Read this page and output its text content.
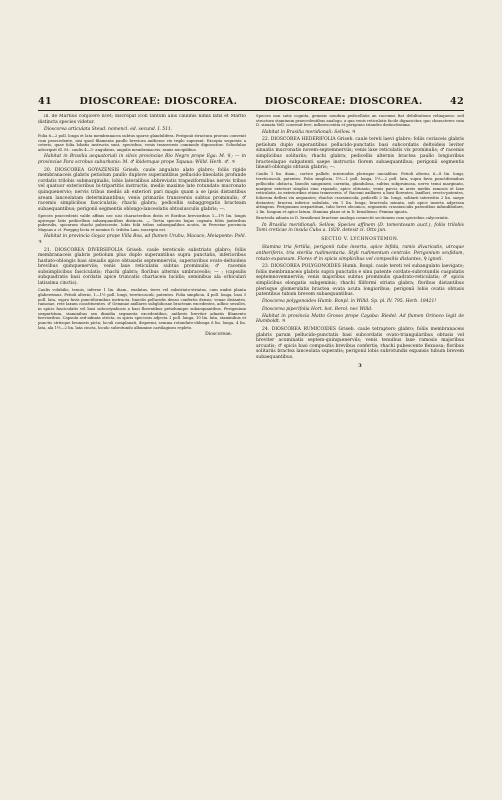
41	DIOSCOREAE: DIOSCOREA.	DIOSCOREAE: DIOSCOREA.	42

ill. de Martius conjicere licet; discrepat icon tantum aliis caulinis nimis latis et Martio distincta species videtur.

Dioscorea articulata Steud. nomencl. ed. secund. I. 511.

Folia 6—2 poll. longa et lata membranacea subtus sparse glandulifera. Perigonii structura prorsus convenit cum praecedente, nisi quod filamenta paullo breviora antheras vix triplo superant. Excepta sequente a ceteris, quae folia lobatis instructa sunt, speciebus, venis transversis commode dignoscitur. Schedulae adscripsit ill. M.: caulis 4—5- angulatus, angulis membranaceis, ramis nucipilibus.

Habitat in Brasilia aequatoriali in silvis provinciae Rio Negro prope Ega: M. ♀; — in provinciae Para scrobus suburbanis: M. ♂ ibidemque prope Tapaua: Willd. Herb. ♂. ♃

20. DIOSCOREA GOYAZENSIS Griseb. caule angulato alato glabro; foliis rigide membranaceis glabris petiolum paullo duplove superantibus pellucido-lineolatis profunde cordatis trilobis submarginalis, lobis lateralibus abbreviatis trapeziformibus nervis tribus vel quatuor exterioribus bi-tripartitis instructis, medio maximo late rotundato mucronato quinquenervio; nervis tribus mediis ab exteriori pari magis quam a se ipsis distantibus aream lanceolatam determinantibus; venis primariis transversis subtus prominulis; ♂ racemis simplicibus fasciculatis; rhachi glabra; pedicellis subaggregatis bracteam subaequantibus; perigonii segmentis oblongo-lanceolatis obtusiusculis glabris; —.

Species praecedenti valde affinis nec nisi characteribus distis et floribus brevioribus 1—1½ lin. longis apiceque latis pedicellum subaequantibus distincta. — Tertia species hujus cognata foliis juxtoribus puberulis, spicarum rhachi pubescente, lobis folii tribus subaequalibus acutis, in Peruviae provincia Maynas a cl. Poeppig lecta et nomine D. triloba Lam. inscripta est.

Habitat in provincia Goyaz prope Villa Boa, ad flumen Uruhu, Macaco, Meiaponte: Pohl. ♃

21. DIOSCOREA DIVERSIFOLIA Griseb. caule tereticulo substriato glabro; foliis membranaceis glabris petiolum plus duplo superantibus supra punctatis, inferioribus hastato-oblongis basi sinualis apice obtusatis septemnerviis, superioribus ovato-deltoideis brevibus quinquenerviis; venis laxe reticulatis subtus prominulis; ♂ racemis subsimplicibus fasciculatis; rhachi glabra; floribus alternis umbraceolis; — ; (capsulis subquadratis basi cordatis apice truncatis chartaceis lucidis; seminibus ala orbiculari latissima cinctis).

Caulis volubilis, tenuis, inferne 1 lin. diam., exalatus, teres vel substriato-striatus, cum umbri planta glaberrimus. Petioli alterni, 1—1½ poll. longi, tereticusculi, patentes. Folia simplicia, 4 poll. longa, basi 3 poll. lata, supra favis punctiformibus instructa, lineolis pellucidis denso confertis densis; venae distantes, ramosae, rete laxum constituentes. ♂ Gemmae axillares subglobosae bracteam excedentes, adhuc sessiles, in spicis fasciculatis vel basi subcorymbosis a basi florentibus petiolumque subaequantibus. Perigonium sexpartitum, staminibus sex dimidia segmenta excedentibus, antheris breviter adnatis filamento brevioribus. Capsula sed-adnata stricta, in spicis speciosis adjecta 1 poll. longa, 10 lin. lata, staminibus et punctis striisque brunneis picta; loculi complanati, dispermi; semina rotundato-oblonga 6 lin. longa, 4 lin. lata, ala 1½—2 lin. lata cincta, loculo subrotundo albumine cartilagineo repleto.

Dioscoreae.

Species non satis cognita, gemmis nondum pedicellatis an racemus fiat debilitatione relinquens: sed structura staminum praecedentibus analogo, a qua venis reticulatis facile dignoscitur, quo characteres cum D. sinuata Vell. convenit fere, inflorescentia et perigonio triandro distinctissima.

Habitat in Brasilia meridionali: Sellow. ♃

22. DIOSCOREA HEDERIFOLIA Griseb. caule tereti laevi glabro; foliis coriaceis glabris petiolum duplo superantibus pellucido-punctatis basi subcordatis deltoideis leviter sinuatis mucronatis novem-septemnerviis; venis laxe reticulatis vix prominulis; ♂ racemis simplicibus solitariis; rhachi glabra; pedicellis alternis bractea paullo longioribus bracteolaque subpatenti saepe instructis florem subaequantibus; perigonii segmentis lineari-oblongis obtusis glabris; —.

Caulis 1 lin. diam., cortice pallide, internodiis plerisque uncialibus. Petioli alterni, 6—8 lin. longi, tereticusculi, patentes. Folia simplicia, 1½—1 poll. longa, 1½—2 poll. lata, supra favis punctiformibus pellucidis obducta, lineolis sanguineis carentia, glandulosa, subtus subpruinosa, nervo tenui marginato, margine exteriori simplici sinu repando, apice obtusato, venis parcis in areis mediis ramosis et laxe reticulatis, in exterioribus etiam transversis. ♂ Racemi axillares a basi florentes, laxiflori, erecto-patentes, foliorum deflexi vix aequantes; rhachis crassiuscula; pedicelli 2 lin. longi, solitarii interstitio 2 lin. saepe distantes; bractea inferior subulata, vix 1 lin. longa; bracteola minuta, sub apice inserta adpressa attingens. Perigonium sexpartitum, tubo brevi obconico, segmentis crassiusculis patentibus infundibulare, 2 lin. longum et apice latum. Stamina plane ut in D. brasiliensi. Femina ignota.

Bracteola adnata in D. brasiliensi bracteae analoga connectit sectionem cum speciebus calycoriatis.

In Brasilia meridionali: Sellow. Species affinem (D. tomentosam auct.), foliis trilobis Tomi creticae in insula Cuba a. 1820. detexit cl. Otto jun.

SECTIO V. LYCHNOSTEMON.

Stamina tria fertilia, perigonii tubo inserta, apice bifida, ramis divaricatis, utroque antheriferis, tria sterilia rudimentaria. Styli rudimentum centrale. Perigonium sexfidum, rotato-expansum. Flores ♂ in spicis simplicibus vel compositis distantes, ♀ ignoti.

23. DIOSCOREA POLYGONOIDES Humb. Bonpl. caule tereti vel subangulato laevigato; foliis membranaceis glabris supra punctatis e sinu patente cordato-subrotundis cuspidatis septemnovemnerviis; venis majoribus subtus prominulis quadrato-reticulatis; ♂ spicis simplicibus elongatis subgeminis; rhachi filiformi striata glabra; floribus distantibus plerisque glomerulatis bractea ovata acuta longioribus; perigonii lobis ovatis obtusis patentibus tubum brevem subaequantibus.

Dioscorea polygonoides Humb. Bonpl. in Willd. Sp. pl. IV. 795. Herb. 18421!

Dioscorea piperifolia Hort. bot. Berol. nec Willd.

Habitat in provincia Matto Grosso prope Cayaba: Riedel. Ad flumen Orinoco legit de Humboldt. ♃

24. DIOSCOREA RUMICOIDES Griseb. caule tetraptero glabro; foliis membranaceis glabris parum pellucido-punctatis basi subcordatis ovato-triangularibus obtusis vel breviter acuminatis septem-quinquenerviis; venis tenuibus laxe ramosis majoribus arcuatis; ♂ spicis basi compositis brevibus confertis; rhachi pubescente flexuosa; floribus solitariis bractea lanceolata superatis; perigonii lobis subrotundis expansis tubum brevem subaequantibus.

3
